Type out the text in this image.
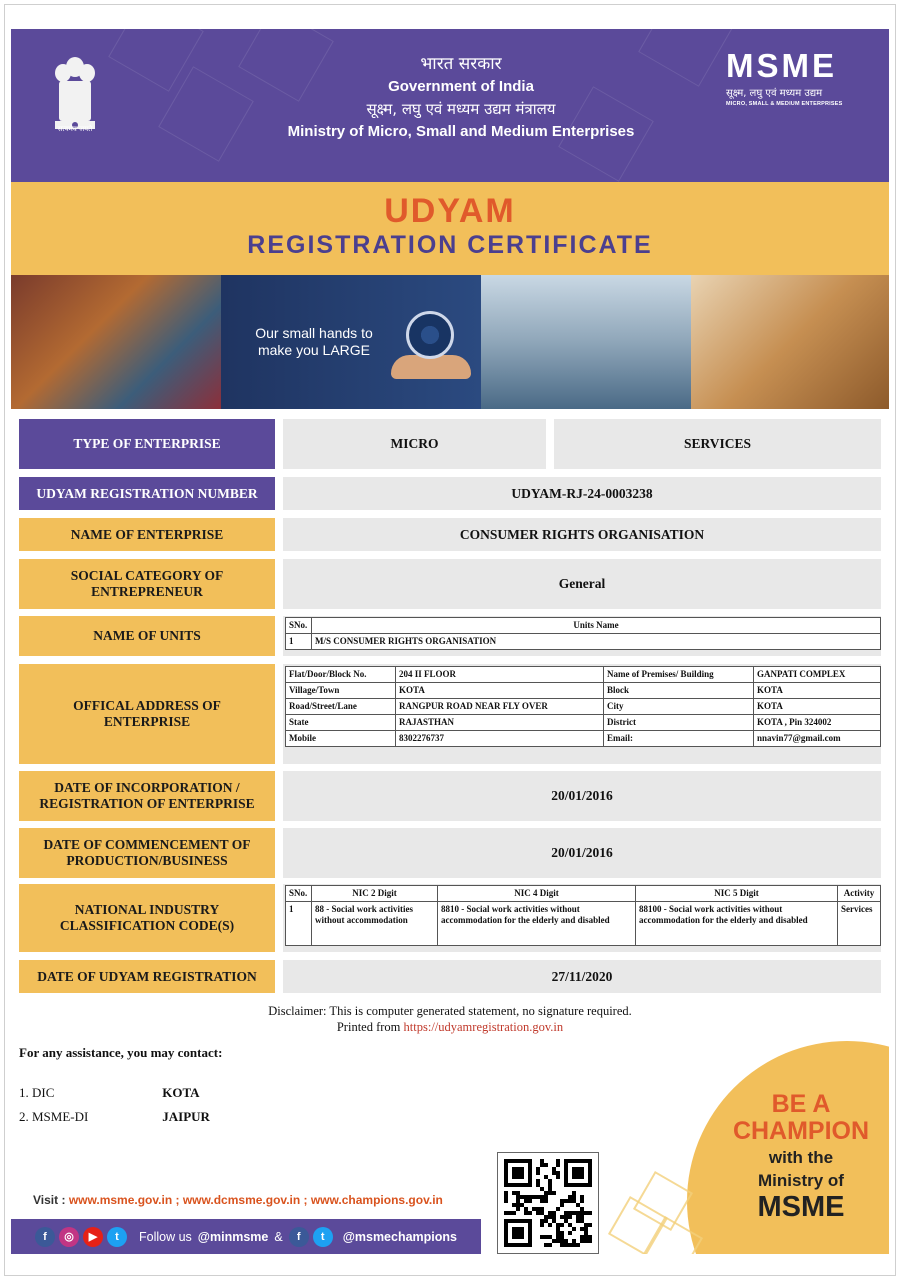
सत्यमेव जयते
भारत सरकार
Government of India
सूक्ष्म, लघु एवं मध्यम उद्यम मंत्रालय
Ministry of Micro, Small and Medium Enterprises
MSME
सूक्ष्म, लघु एवं मध्यम उद्यम
MICRO, SMALL & MEDIUM ENTERPRISES
UDYAM
REGISTRATION CERTIFICATE
Our small hands to make you LARGE
TYPE OF ENTERPRISE	MICRO	SERVICES
UDYAM REGISTRATION NUMBER	UDYAM-RJ-24-0003238
NAME OF ENTERPRISE	CONSUMER RIGHTS ORGANISATION
SOCIAL CATEGORY OF ENTREPRENEUR
General
NAME OF UNITS
SNo.	Units Name
1	M/S CONSUMER RIGHTS ORGANISATION
OFFICAL ADDRESS OF ENTERPRISE
Flat/Door/Block No.	204 II FLOOR	Name of Premises/ Building	GANPATI COMPLEX
Village/Town	KOTA	Block	KOTA
Road/Street/Lane	RANGPUR ROAD NEAR FLY OVER	City	KOTA
State	RAJASTHAN	District	KOTA , Pin 324002
Mobile	8302276737	Email:	nnavin77@gmail.com
DATE OF INCORPORATION / REGISTRATION OF ENTERPRISE
20/01/2016
DATE OF COMMENCEMENT OF PRODUCTION/BUSINESS
20/01/2016
NATIONAL INDUSTRY CLASSIFICATION CODE(S)
SNo.	NIC 2 Digit	NIC 4 Digit	NIC 5 Digit	Activity
1	88 - Social work activities without accommodation	8810 - Social work activities without accommodation for the elderly and disabled	88100 - Social work activities without accommodation for the elderly and disabled	Services
DATE OF UDYAM REGISTRATION	27/11/2020
Disclaimer: This is computer generated statement, no signature required.
Printed from https://udyamregistration.gov.in
For any assistance, you may contact:
1. DIC	KOTA
2. MSME-DI	JAIPUR	BE A
CHAMPION
with the
Ministry of
MSME
Visit : www.msme.gov.in ; www.dcmsme.gov.in ; www.champions.gov.in
f	◎	▶	t	Follow us @minmsme &	f	t	@msmechampions
